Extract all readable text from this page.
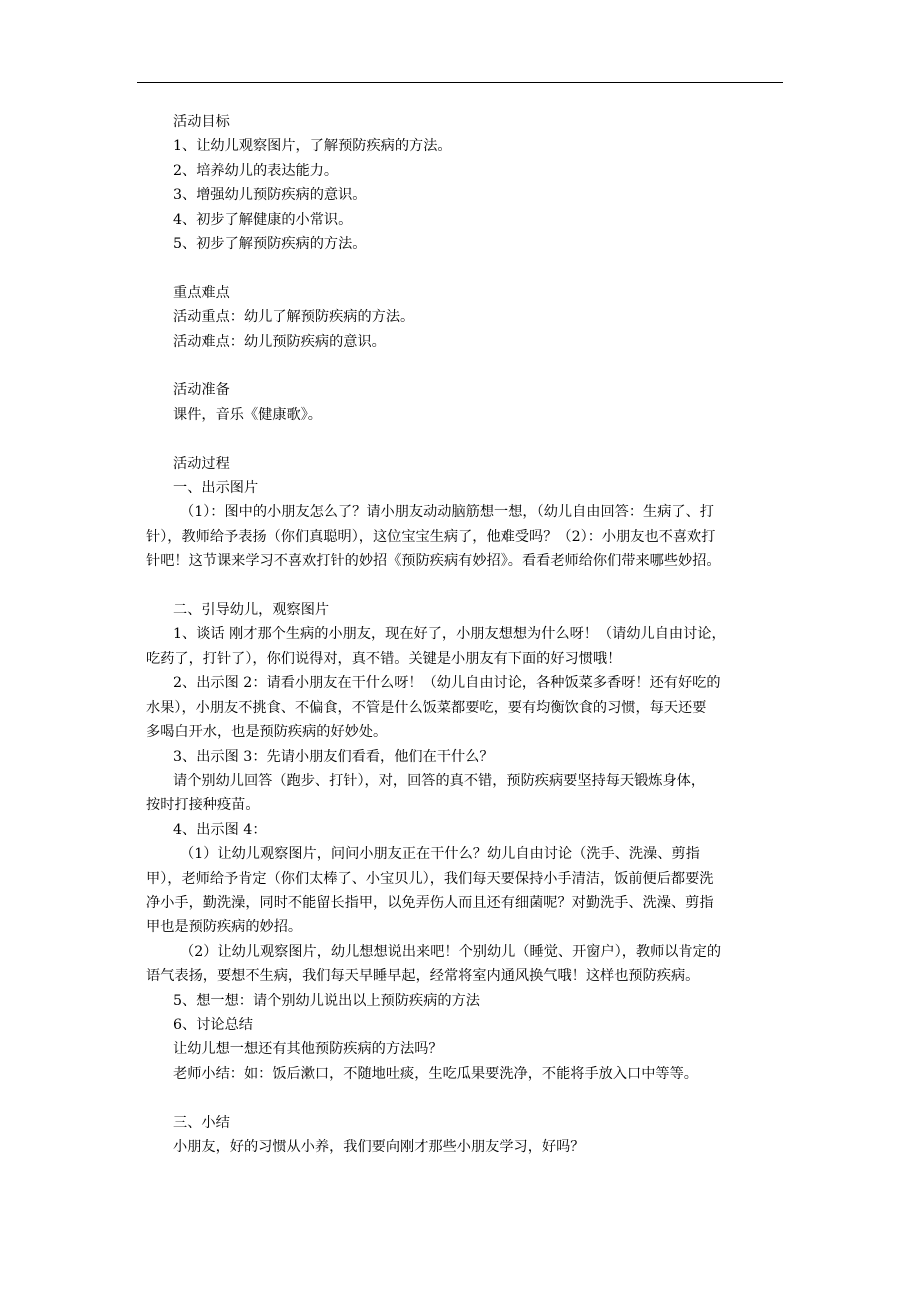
活动目标

1、让幼儿观察图片，了解预防疾病的方法。

2、培养幼儿的表达能力。

3、增强幼儿预防疾病的意识。

4、初步了解健康的小常识。

5、初步了解预防疾病的方法。

重点难点

活动重点：幼儿了解预防疾病的方法。

活动难点：幼儿预防疾病的意识。

活动准备

课件，音乐《健康歌》。

活动过程

一、出示图片

（1）：图中的小朋友怎么了？请小朋友动动脑筋想一想，（幼儿自由回答：生病了、打

针），教师给予表扬（你们真聪明），这位宝宝生病了，他难受吗？（2）：小朋友也不喜欢打

针吧！这节课来学习不喜欢打针的妙招《预防疾病有妙招》。看看老师给你们带来哪些妙招。

二、引导幼儿，观察图片

1、谈话 刚才那个生病的小朋友，现在好了，小朋友想想为什么呀！（请幼儿自由讨论，

吃药了，打针了），你们说得对，真不错。关键是小朋友有下面的好习惯哦！

2、出示图 2：请看小朋友在干什么呀！（幼儿自由讨论，各种饭菜多香呀！还有好吃的

水果），小朋友不挑食、不偏食，不管是什么饭菜都要吃，要有均衡饮食的习惯，每天还要

多喝白开水，也是预防疾病的好妙处。

3、出示图 3：先请小朋友们看看，他们在干什么？

请个别幼儿回答（跑步、打针），对，回答的真不错，预防疾病要坚持每天锻炼身体，

按时打接种疫苗。

4、出示图 4：

（1）让幼儿观察图片，问问小朋友正在干什么？幼儿自由讨论（洗手、洗澡、剪指

甲），老师给予肯定（你们太棒了、小宝贝儿），我们每天要保持小手清洁，饭前便后都要洗

净小手，勤洗澡，同时不能留长指甲，以免弄伤人而且还有细菌呢？对勤洗手、洗澡、剪指

甲也是预防疾病的妙招。

（2）让幼儿观察图片，幼儿想想说出来吧！个别幼儿（睡觉、开窗户），教师以肯定的

语气表扬，要想不生病，我们每天早睡早起，经常将室内通风换气哦！这样也预防疾病。

5、想一想：请个别幼儿说出以上预防疾病的方法

6、讨论总结

让幼儿想一想还有其他预防疾病的方法吗？

老师小结：如：饭后漱口，不随地吐痰，生吃瓜果要洗净，不能将手放入口中等等。

三、小结

小朋友，好的习惯从小养，我们要向刚才那些小朋友学习，好吗？
